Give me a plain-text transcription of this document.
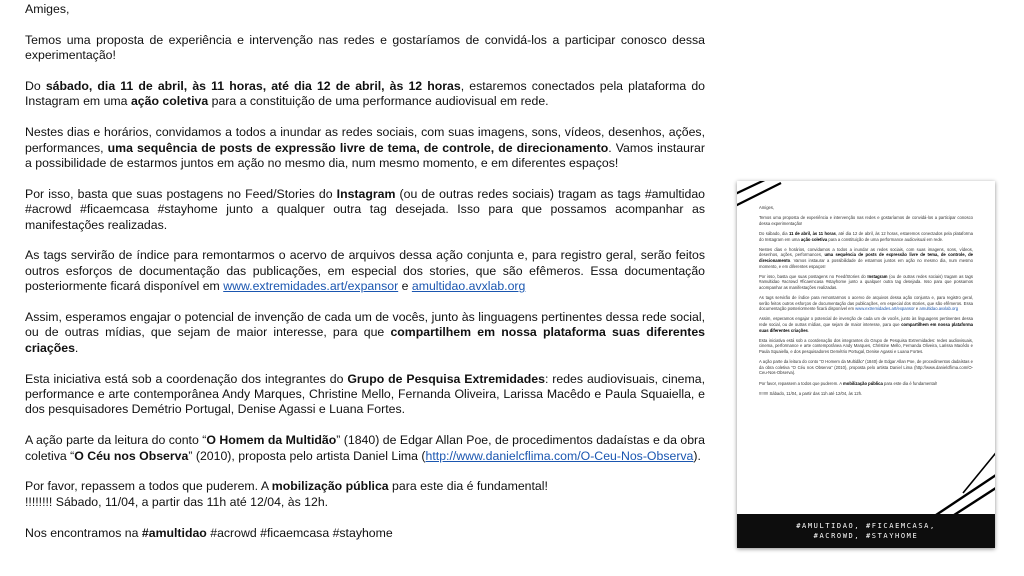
Amiges,

Temos uma proposta de experiência e intervenção nas redes e gostaríamos de convidá-los a participar conosco dessa experimentação!

Do sábado, dia 11 de abril, às 11 horas, até dia 12 de abril, às 12 horas, estaremos conectados pela plataforma do Instagram em uma ação coletiva para a constituição de uma performance audiovisual em rede.

Nestes dias e horários, convidamos a todos a inundar as redes sociais, com suas imagens, sons, vídeos, desenhos, ações, performances, uma sequência de posts de expressão livre de tema, de controle, de direcionamento. Vamos instaurar a possibilidade de estarmos juntos em ação no mesmo dia, num mesmo momento, e em diferentes espaços!

Por isso, basta que suas postagens no Feed/Stories do Instagram (ou de outras redes sociais) tragam as tags #amultidao #acrowd #ficaemcasa #stayhome junto a qualquer outra tag desejada. Isso para que possamos acompanhar as manifestações realizadas.

As tags servirão de índice para remontarmos o acervo de arquivos dessa ação conjunta e, para registro geral, serão feitos outros esforços de documentação das publicações, em especial dos stories, que são efêmeros. Essa documentação posteriormente ficará disponível em www.extremidades.art/expansor e amultidao.avxlab.org

Assim, esperamos engajar o potencial de invenção de cada um de vocês, junto às linguagens pertinentes dessa rede social, ou de outras mídias, que sejam de maior interesse, para que compartilhem em nossa plataforma suas diferentes criações.

Esta iniciativa está sob a coordenação dos integrantes do Grupo de Pesquisa Extremidades: redes audiovisuais, cinema, performance e arte contemporânea Andy Marques, Christine Mello, Fernanda Oliveira, Larissa Macêdo e Paula Squaiella, e dos pesquisadores Demétrio Portugal, Denise Agassi e Luana Fortes.

A ação parte da leitura do conto “O Homem da Multidão” (1840) de Edgar Allan Poe, de procedimentos dadaístas e da obra coletiva “O Céu nos Observa” (2010), proposta pelo artista Daniel Lima (http://www.danielcflima.com/O-Ceu-Nos-Observa).

Por favor, repassem a todos que puderem. A mobilização pública para este dia é fundamental!
!!!!!!!! Sábado, 11/04, a partir das 11h até 12/04, às 12h.

Nos encontramos na #amultidao #acrowd #ficaemcasa #stayhome

Amiges,

Temos uma proposta de experiência e intervenção nas redes e gostaríamos de convidá-los a participar conosco dessa experimentação!

Do sábado, dia 11 de abril, às 11 horas, até dia 12 de abril, às 12 horas, estaremos conectados pela plataforma do Instagram em uma ação coletiva para a constituição de uma performance audiovisual em rede.

Nestes dias e horários, convidamos a todos a inundar as redes sociais, com suas imagens, sons, vídeos, desenhos, ações, performances, uma sequência de posts de expressão livre de tema, de controle, de direcionamento. Vamos instaurar a possibilidade de estarmos juntos em ação no mesmo dia, num mesmo momento, e em diferentes espaços!

Por isso, basta que suas postagens no Feed/Stories do Instagram (ou de outras redes sociais) tragam as tags #amultidao #acrowd #ficaemcasa #stayhome junto a qualquer outra tag desejada. Isso para que possamos acompanhar as manifestações realizadas.

As tags servirão de índice para remontarmos o acervo de arquivos dessa ação conjunta e, para registro geral, serão feitos outros esforços de documentação das publicações, em especial dos stories, que são efêmeros. Essa documentação posteriormente ficará disponível em www.extremidades.art/expansor e amultidao.avxlab.org

Assim, esperamos engajar o potencial de invenção de cada um de vocês, junto às linguagens pertinentes dessa rede social, ou de outras mídias, que sejam de maior interesse, para que compartilhem em nossa plataforma suas diferentes criações.

Esta iniciativa está sob a coordenação dos integrantes do Grupo de Pesquisa Extremidades: redes audiovisuais, cinema, performance e arte contemporânea Andy Marques, Christine Mello, Fernanda Oliveira, Larissa Macêdo e Paula Squaiella, e dos pesquisadores Demétrio Portugal, Denise Agassi e Luana Fortes.

A ação parte da leitura do conto “O Homem da Multidão” (1840) de Edgar Allan Poe, de procedimentos dadaístas e da obra coletiva “O Céu nos Observa” (2010), proposta pelo artista Daniel Lima (http://www.danielcflima.com/O-Ceu-Nos-Observa).

Por favor, repassem a todos que puderem. A mobilização pública para este dia é fundamental!

!!!!!!!! Sábado, 11/04, a partir das 11h até 12/04, às 12h.

#AMULTIDAO, #FICAEMCASA,
#ACROWD, #STAYHOME
